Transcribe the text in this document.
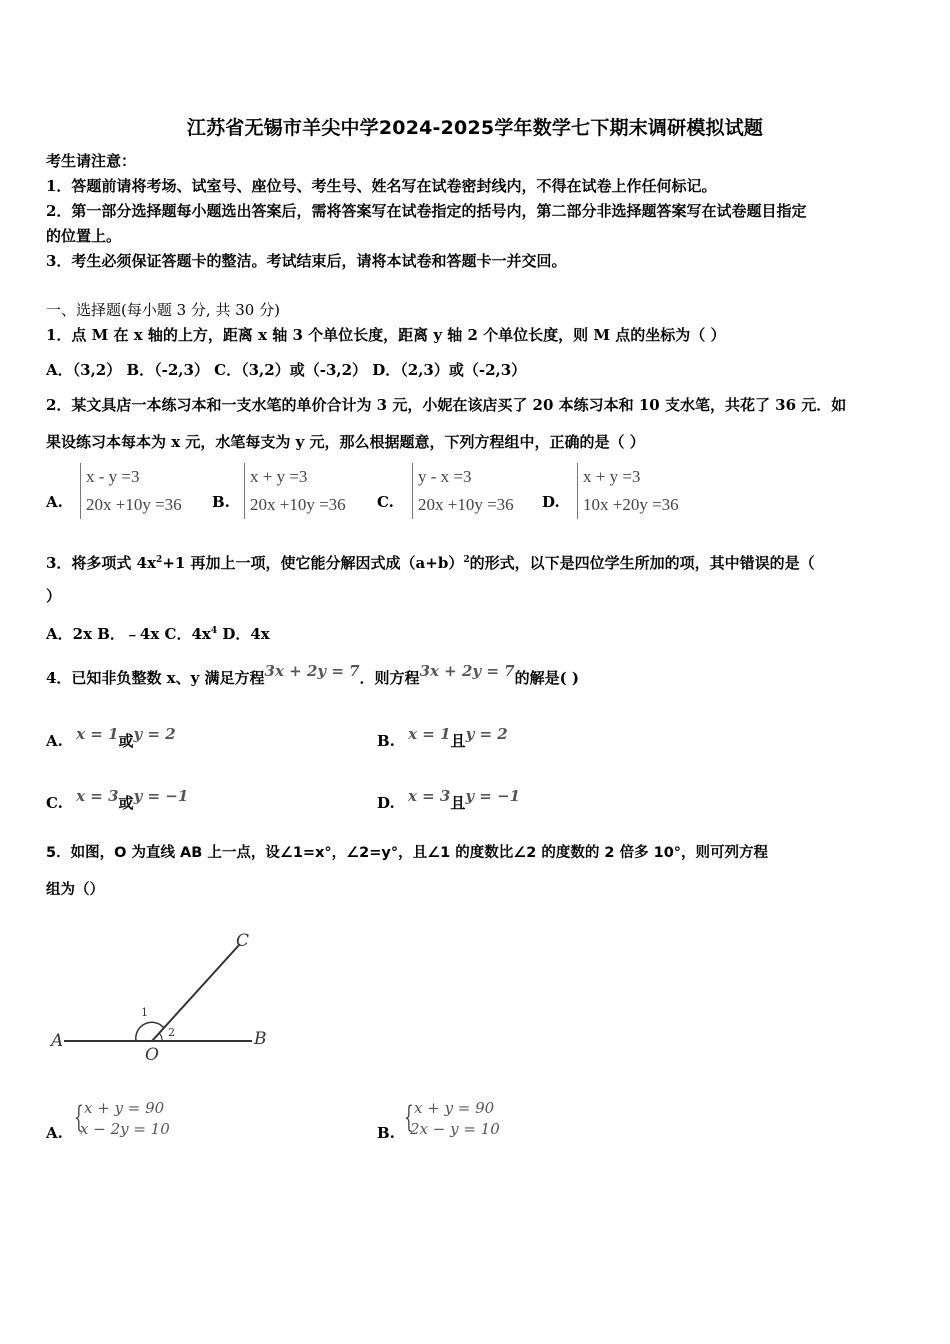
江苏省无锡市羊尖中学2024-2025学年数学七下期末调研模拟试题
考生请注意：
1．答题前请将考场、试室号、座位号、考生号、姓名写在试卷密封线内，不得在试卷上作任何标记。
2．第一部分选择题每小题选出答案后，需将答案写在试卷指定的括号内，第二部分非选择题答案写在试卷题目指定
的位置上。
3．考生必须保证答题卡的整洁。考试结束后，请将本试卷和答题卡一并交回。
一、选择题(每小题 3 分, 共 30 分)
1．点 M 在 x 轴的上方，距离 x 轴 3 个单位长度，距离 y 轴 2 个单位长度，则 M 点的坐标为（ ）
A．（3,2） B．（-2,3） C．（3,2）或（-3,2） D．（2,3）或（-2,3）
2．某文具店一本练习本和一支水笔的单价合计为 3 元，小妮在该店买了 20 本练习本和 10 支水笔，共花了 36 元．如
果设练习本每本为 x 元，水笔每支为 y 元，那么根据题意，下列方程组中，正确的是（ ）
A.
x - y =3
20x +10y =36 B.
x + y =3
20x +10y =36 C.
y - x =3
20x +10y =36 D.
x + y =3
10x +20y =36
3．将多项式 $4x^2+1$ 再加上一项，使它能分解因式成$(a+b)^2$的形式，以下是四位学生所加的项，其中错误的是（
）
A．2x B．﹣4x C．$4x^4$ D．4x
4．已知非负整数 x、y 满足方程3x + 2y = 7．则方程3x + 2y = 7的解是( )
A. x = 1或y = 2	B. x = 1且y = 2
C. x = 3或y = −1	D. x = 3且y = −1
5．如图，O 为直线 AB 上一点，设∠1=x°，∠2=y°，且∠1 的度数比∠2 的度数的 2 倍多 10°，则可列方程
组为（）
A	B
C
O
1
2
A. { x + y = 90
x − 2y = 10	B. { x + y = 90
2x − y = 10
